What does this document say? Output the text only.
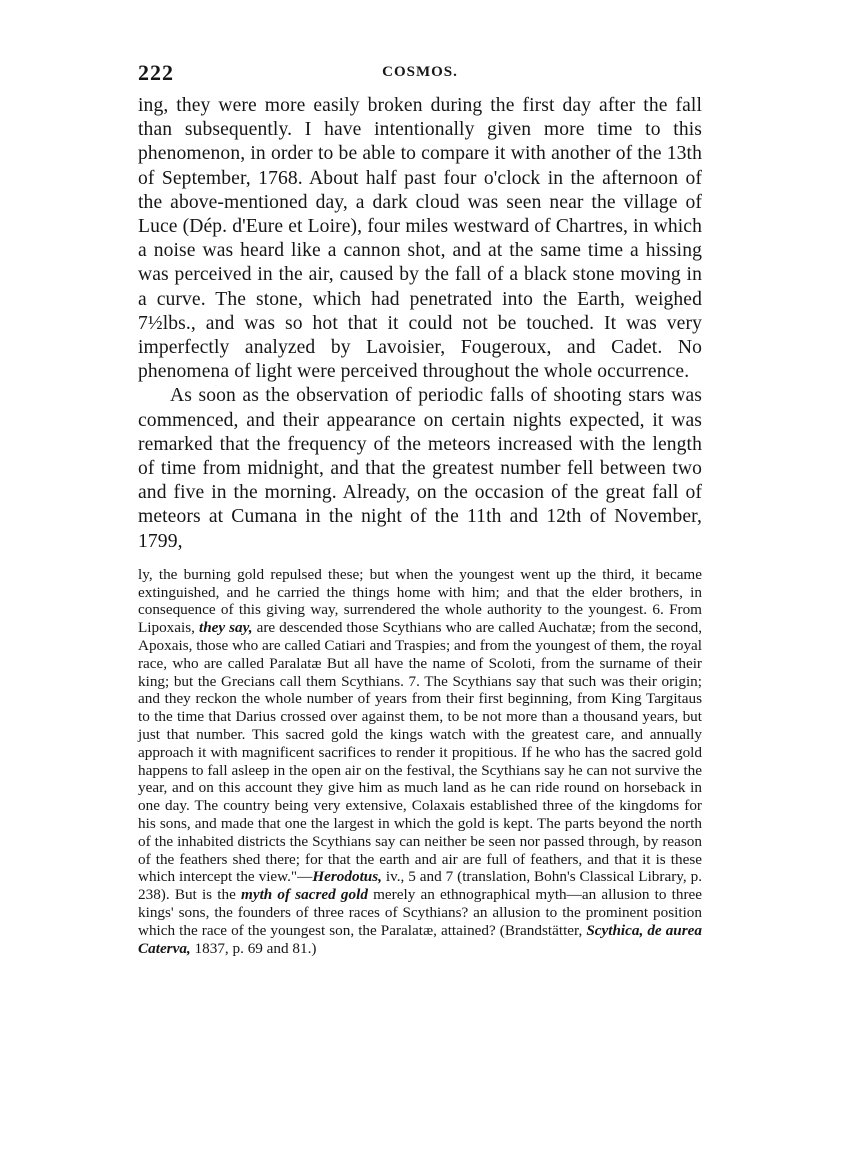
222	COSMOS.

ing, they were more easily broken during the first day after the fall than subsequently. I have intentionally given more time to this phenomenon, in order to be able to compare it with another of the 13th of September, 1768. About half past four o'clock in the afternoon of the above-mentioned day, a dark cloud was seen near the village of Luce (Dép. d'Eure et Loire), four miles westward of Chartres, in which a noise was heard like a cannon shot, and at the same time a hissing was perceived in the air, caused by the fall of a black stone moving in a curve. The stone, which had penetrated into the Earth, weighed 7½lbs., and was so hot that it could not be touched. It was very imperfectly analyzed by Lavoisier, Fougeroux, and Cadet. No phenomena of light were perceived throughout the whole occurrence.

As soon as the observation of periodic falls of shooting stars was commenced, and their appearance on certain nights expected, it was remarked that the frequency of the meteors increased with the length of time from midnight, and that the greatest number fell between two and five in the morning. Already, on the occasion of the great fall of meteors at Cumana in the night of the 11th and 12th of November, 1799,

ly, the burning gold repulsed these; but when the youngest went up the third, it became extinguished, and he carried the things home with him; and that the elder brothers, in consequence of this giving way, surrendered the whole authority to the youngest. 6. From Lipoxais, they say, are descended those Scythians who are called Auchatæ; from the second, Apoxais, those who are called Catiari and Traspies; and from the youngest of them, the royal race, who are called Paralatæ But all have the name of Scoloti, from the surname of their king; but the Grecians call them Scythians. 7. The Scythians say that such was their origin; and they reckon the whole number of years from their first beginning, from King Targitaus to the time that Darius crossed over against them, to be not more than a thousand years, but just that number. This sacred gold the kings watch with the greatest care, and annually approach it with magnificent sacrifices to render it propitious. If he who has the sacred gold happens to fall asleep in the open air on the festival, the Scythians say he can not survive the year, and on this account they give him as much land as he can ride round on horseback in one day. The country being very extensive, Colaxais established three of the kingdoms for his sons, and made that one the largest in which the gold is kept. The parts beyond the north of the inhabited districts the Scythians say can neither be seen nor passed through, by reason of the feathers shed there; for that the earth and air are full of feathers, and that it is these which intercept the view."—Herodotus, iv., 5 and 7 (translation, Bohn's Classical Library, p. 238). But is the myth of sacred gold merely an ethnographical myth—an allusion to three kings' sons, the founders of three races of Scythians? an allusion to the prominent position which the race of the youngest son, the Paralatæ, attained? (Brandstätter, Scythica, de aurea Caterva, 1837, p. 69 and 81.)
